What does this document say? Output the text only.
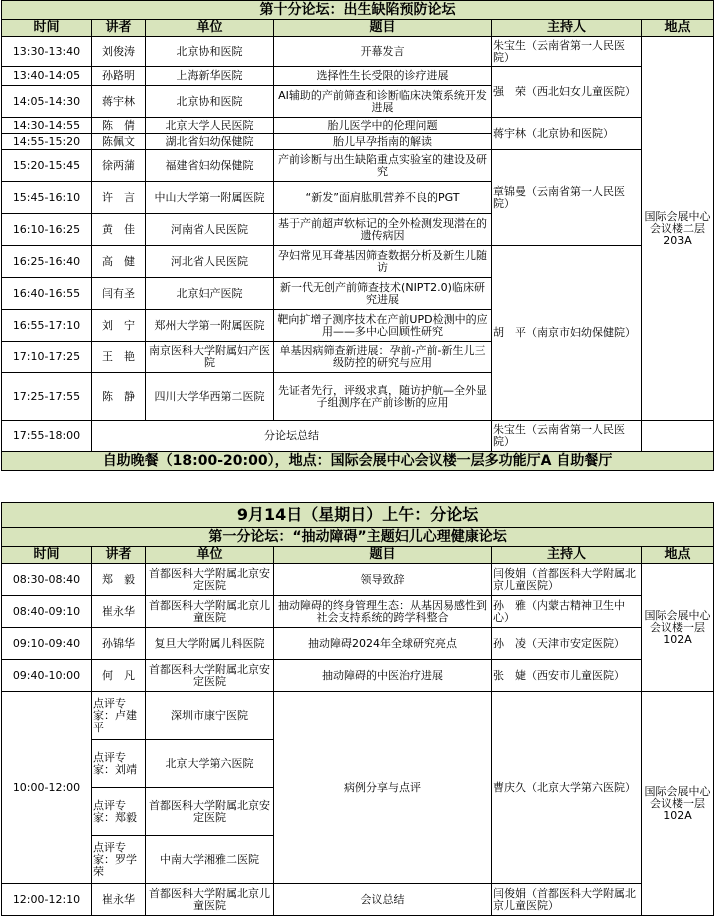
第十分论坛：出生缺陷预防论坛					
时间	讲者	单位	题目	主持人	地点
13:30-13:40	刘俊涛	北京协和医院	开幕发言	朱宝生（云南省第一人民医院）	国际会展中心会议楼二层203A
13:40-14:05	孙路明	上海新华医院	选择性生长受限的诊疗进展	强　荣（西北妇女儿童医院）	
14:05-14:30	蒋宇林	北京协和医院	AI辅助的产前筛查和诊断临床决策系统开发进展		
14:30-14:55	陈　倩	北京大学人民医院	胎儿医学中的伦理问题	蒋宇林（北京协和医院）	
14:55-15:20	陈佩文	湖北省妇幼保健院	胎儿早孕指南的解读		
15:20-15:45	徐两蒲	福建省妇幼保健院	产前诊断与出生缺陷重点实验室的建设及研究	章锦曼（云南省第一人民医院）	
15:45-16:10	许　言	中山大学第一附属医院	“新发”面肩肱肌营养不良的PGT		
16:10-16:25	黄　佳	河南省人民医院	基于产前超声软标记的全外检测发现潜在的遗传病因		
16:25-16:40	高　健	河北省人民医院	孕妇常见耳聋基因筛查数据分析及新生儿随访	胡　平（南京市妇幼保健院）	
16:40-16:55	闫有圣	北京妇产医院	新一代无创产前筛查技术(NIPT2.0)临床研究进展		
16:55-17:10	刘　宁	郑州大学第一附属医院	靶向扩增子测序技术在产前UPD检测中的应用——多中心回顾性研究		
17:10-17:25	王　艳	南京医科大学附属妇产医院	单基因病筛查新进展：孕前-产前-新生儿三级防控的研究与应用		
17:25-17:55	陈　静	四川大学华西第二医院	先证者先行，评级求真，随访护航—全外显子组测序在产前诊断的应用		
17:55-18:00	分论坛总结			朱宝生（云南省第一人民医院）	
自助晚餐（18:00-20:00），地点：国际会展中心会议楼一层多功能厅A 自助餐厅					
9月14日（星期日）上午：分论坛					
第一分论坛：“抽动障碍”主题妇儿心理健康论坛					
时间	讲者	单位	题目	主持人	地点
08:30-08:40	郑　毅	首都医科大学附属北京安定医院	领导致辞	闫俊娟（首都医科大学附属北京儿童医院）	国际会展中心会议楼一层102A
08:40-09:10	崔永华	首都医科大学附属北京儿童医院	抽动障碍的终身管理生态：从基因易感性到社会支持系统的跨学科整合	孙　雅（内蒙古精神卫生中心）	
09:10-09:40	孙锦华	复旦大学附属儿科医院	抽动障碍2024年全球研究亮点	孙　凌（天津市安定医院）	
09:40-10:00	何　凡	首都医科大学附属北京安定医院	抽动障碍的中医治疗进展	张　婕（西安市儿童医院）	
10:00-12:00	点评专家：卢建平	深圳市康宁医院	病例分享与点评	曹庆久（北京大学第六医院）	国际会展中心会议楼一层102A
	点评专家：刘靖	北京大学第六医院			
	点评专家：郑毅	首都医科大学附属北京安定医院			
	点评专家：罗学荣	中南大学湘雅二医院			
12:00-12:10	崔永华	首都医科大学附属北京儿童医院	会议总结	闫俊娟（首都医科大学附属北京儿童医院）	
